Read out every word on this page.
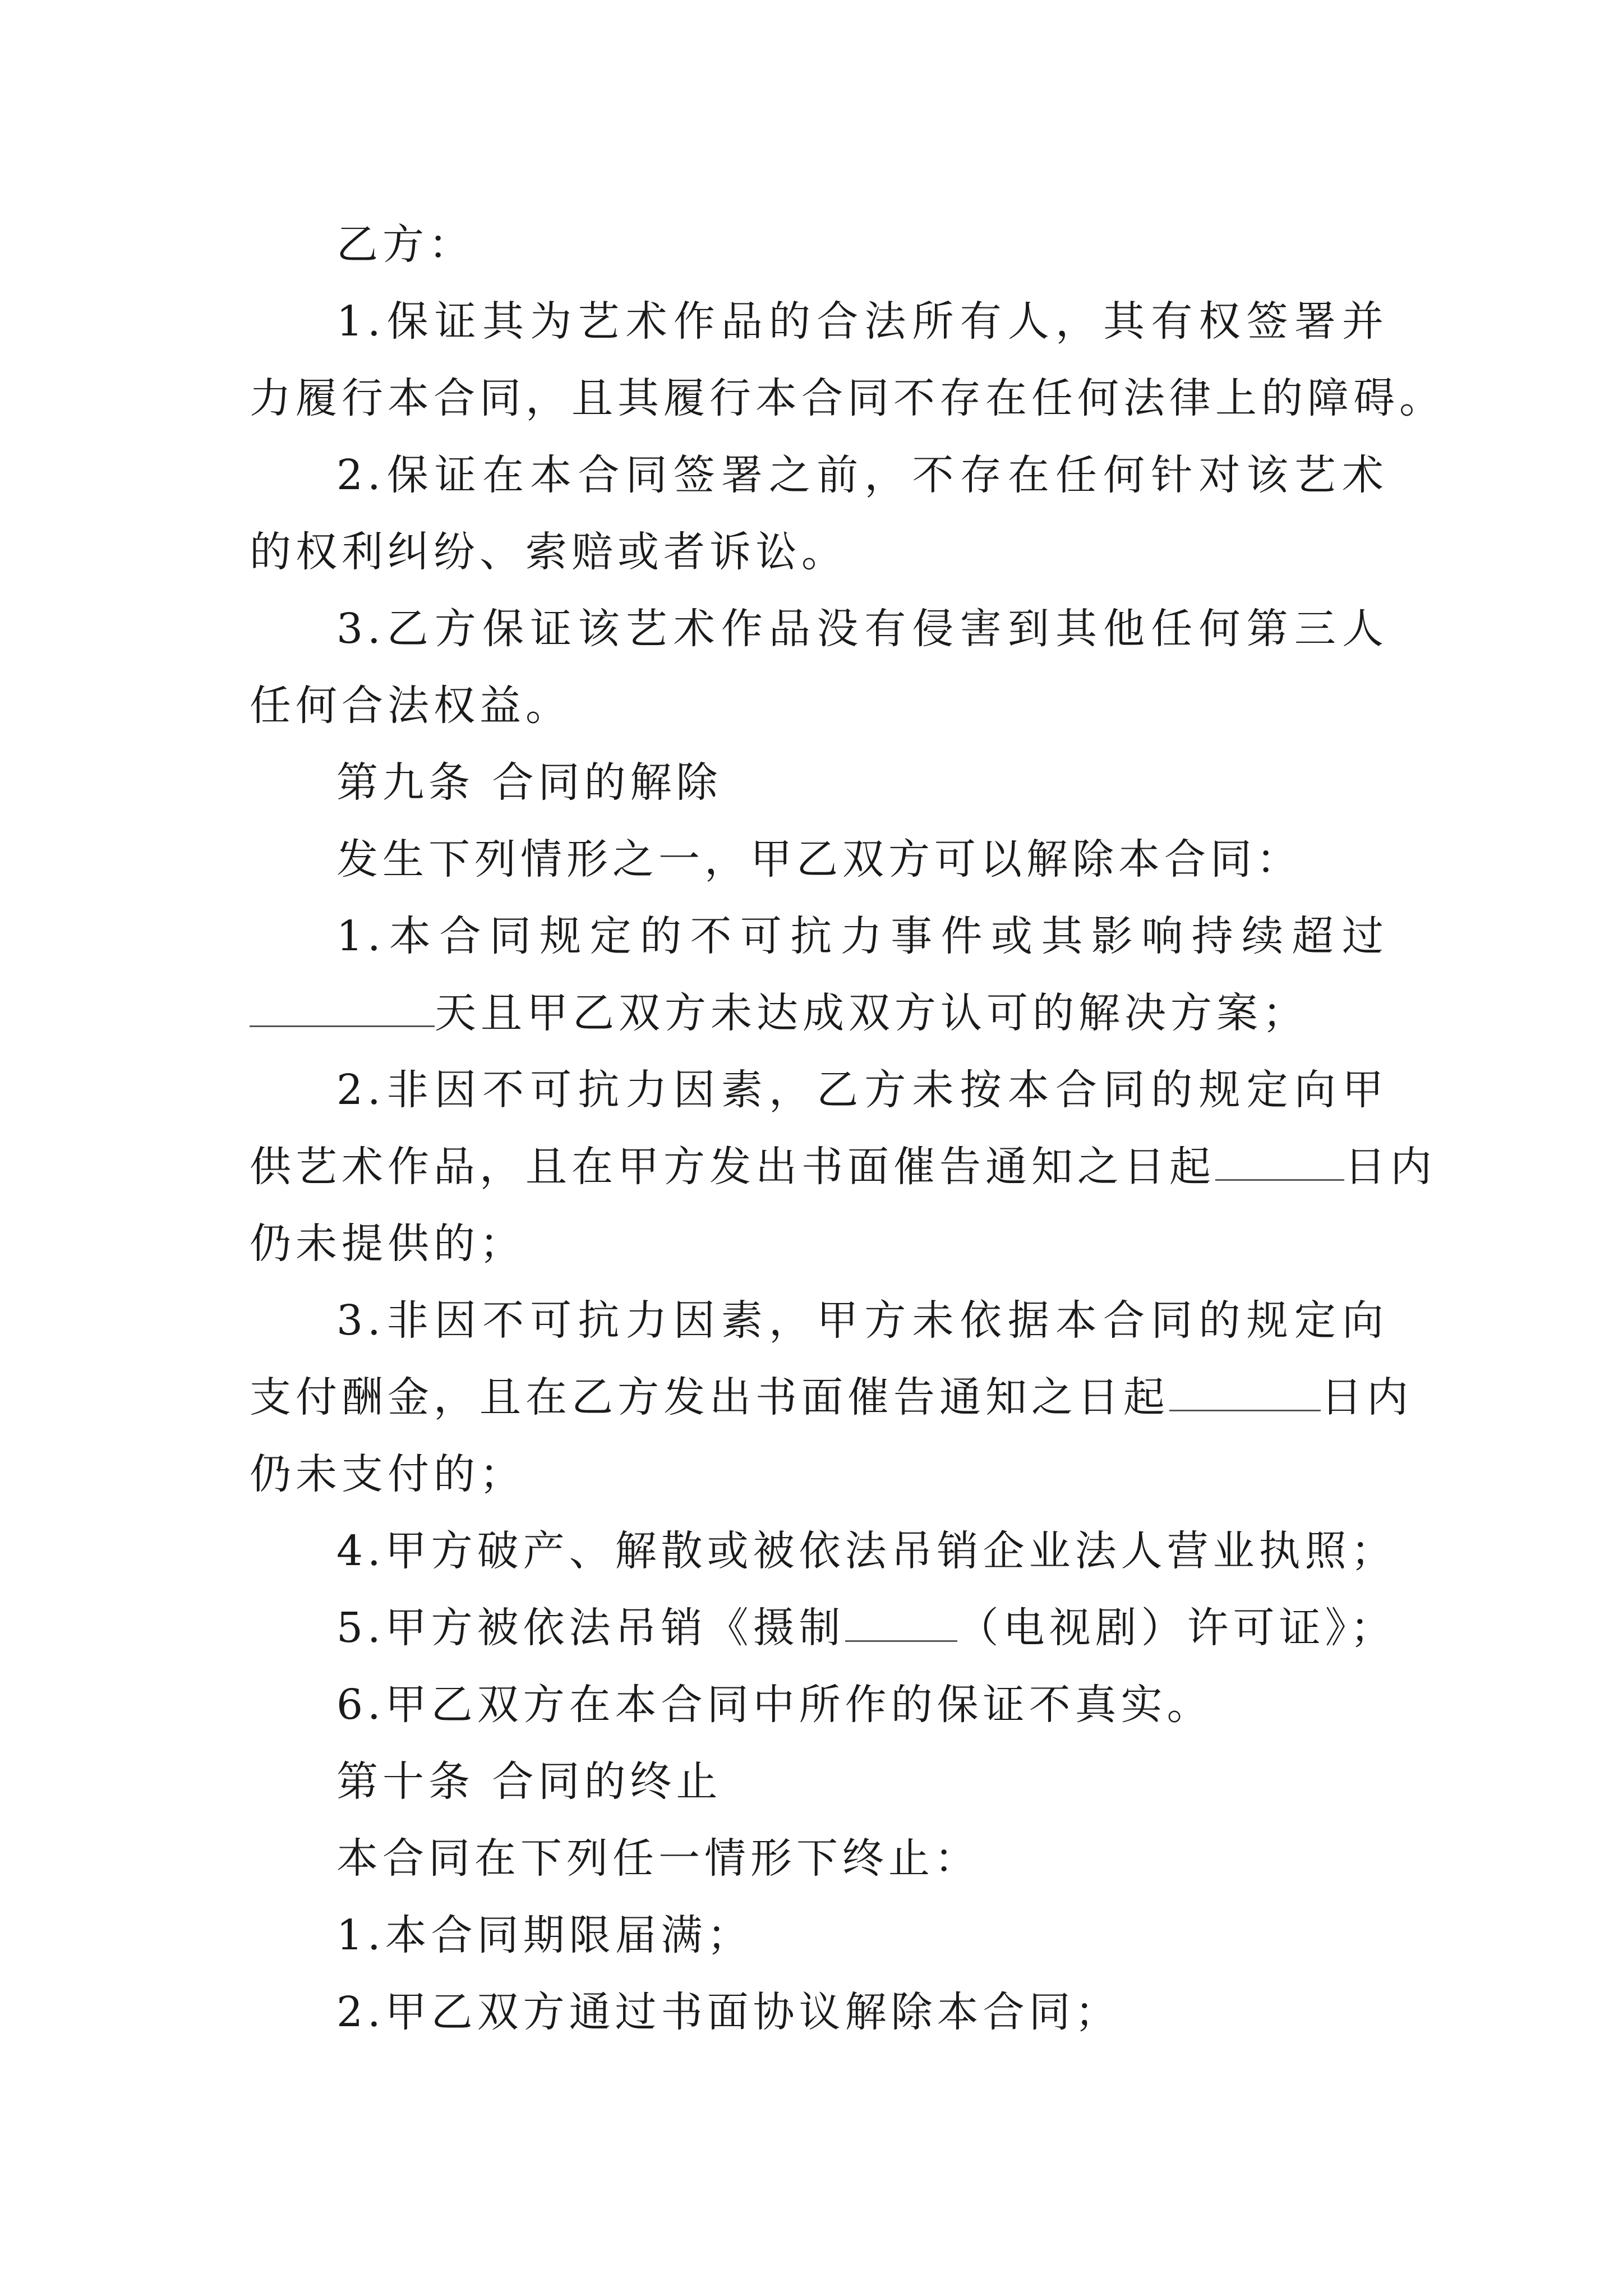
乙方：
1.保证其为艺术作品的合法所有人，其有权签署并
力履行本合同，且其履行本合同不存在任何法律上的障碍。
2.保证在本合同签署之前，不存在任何针对该艺术
的权利纠纷、索赔或者诉讼。
3.乙方保证该艺术作品没有侵害到其他任何第三人
任何合法权益。
第九条 合同的解除
发生下列情形之一，甲乙双方可以解除本合同：
1.本合同规定的不可抗力事件或其影响持续超过
天且甲乙双方未达成双方认可的解决方案；
2.非因不可抗力因素，乙方未按本合同的规定向甲
供艺术作品，且在甲方发出书面催告通知之日起	日内
仍未提供的；
3.非因不可抗力因素，甲方未依据本合同的规定向
支付酬金，且在乙方发出书面催告通知之日起	日内
仍未支付的；
4.甲方破产、解散或被依法吊销企业法人营业执照；
5.甲方被依法吊销《摄制	（电视剧）许可证》；
6.甲乙双方在本合同中所作的保证不真实。
第十条 合同的终止
本合同在下列任一情形下终止：
1.本合同期限届满；
2.甲乙双方通过书面协议解除本合同；
